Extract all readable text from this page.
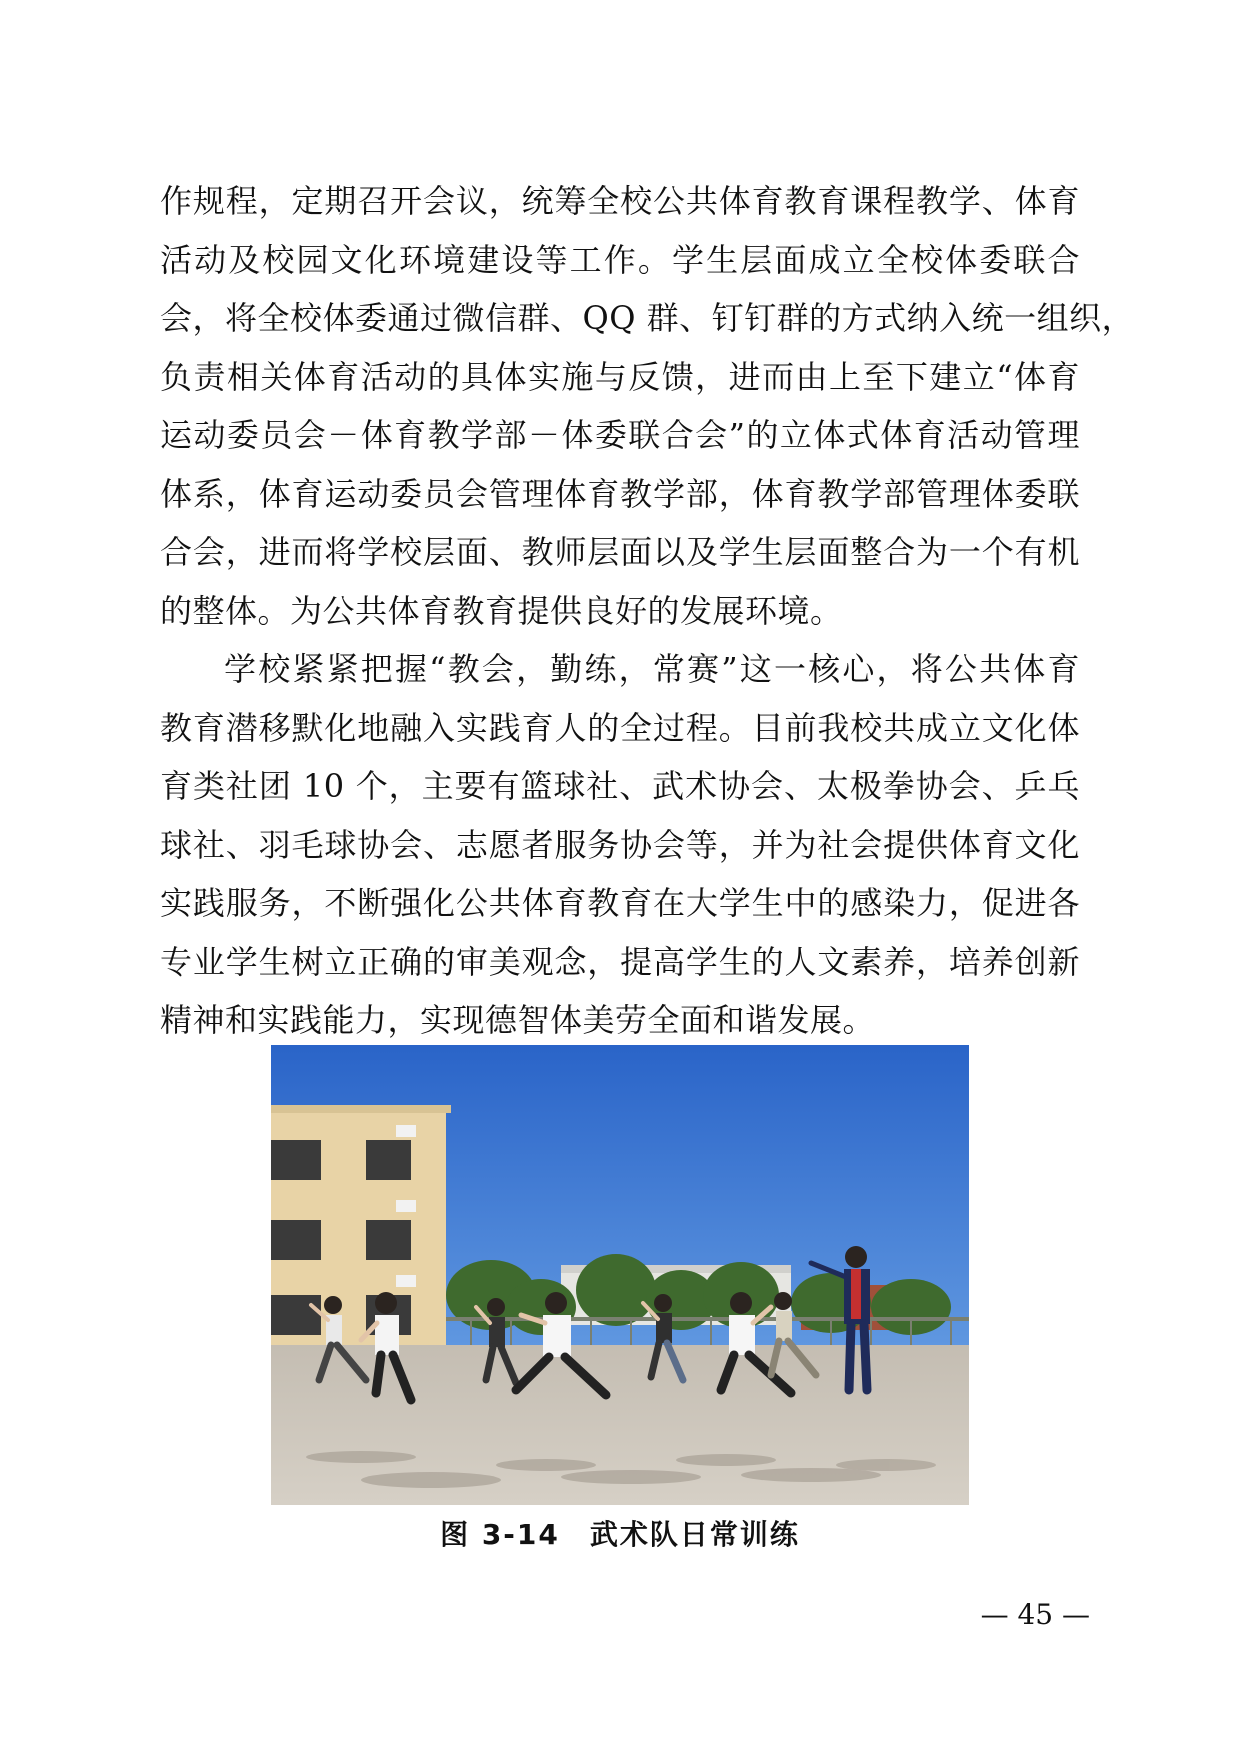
作规程，定期召开会议，统筹全校公共体育教育课程教学、体育
活动及校园文化环境建设等工作。学生层面成立全校体委联合
会，将全校体委通过微信群、QQ 群、钉钉群的方式纳入统一组织，
负责相关体育活动的具体实施与反馈，进而由上至下建立“体育
运动委员会－体育教学部－体委联合会”的立体式体育活动管理
体系，体育运动委员会管理体育教学部，体育教学部管理体委联
合会，进而将学校层面、教师层面以及学生层面整合为一个有机
的整体。为公共体育教育提供良好的发展环境。
学校紧紧把握“教会，勤练，常赛”这一核心，将公共体育
教育潜移默化地融入实践育人的全过程。目前我校共成立文化体
育类社团 10 个，主要有篮球社、武术协会、太极拳协会、乒乓
球社、羽毛球协会、志愿者服务协会等，并为社会提供体育文化
实践服务，不断强化公共体育教育在大学生中的感染力，促进各
专业学生树立正确的审美观念，提高学生的人文素养，培养创新
精神和实践能力，实现德智体美劳全面和谐发展。
图 3-14　武术队日常训练
— 45 —
